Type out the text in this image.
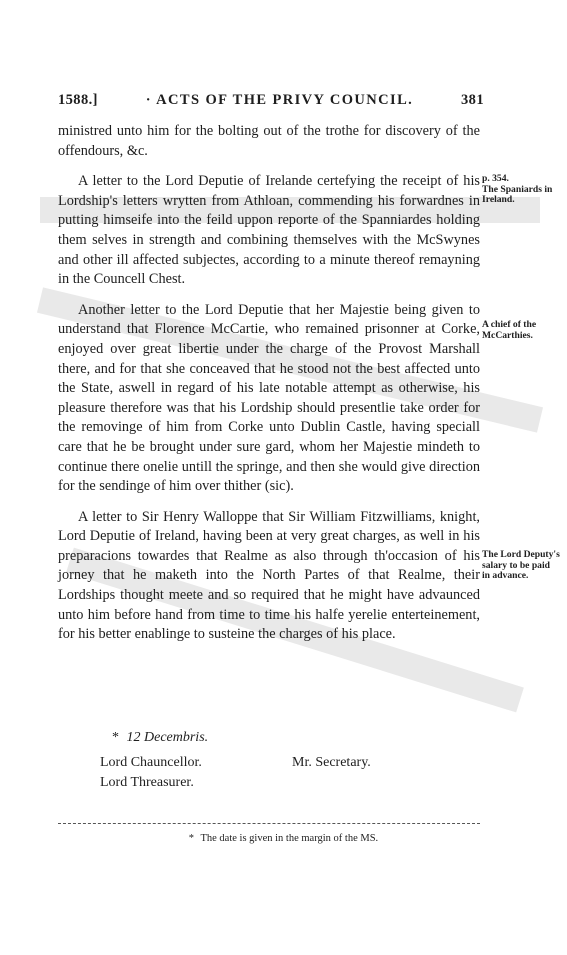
1588.]	· ACTS OF THE PRIVY COUNCIL.	381

ministred unto him for the bolting out of the trothe for discovery of the offendours, &c.

A letter to the Lord Deputie of Irelande certefying the receipt of his Lordship's letters wrytten from Athloan, commending his forwardnes in putting himseife into the feild uppon reporte of the Spanniardes holding them selves in strength and combining themselves with the McSwynes and other ill affected subjectes, according to a minute thereof remayning in the Councell Chest.

Another letter to the Lord Deputie that her Majestie being given to understand that Florence McCartie, who remained prisonner at Corke, enjoyed over great libertie under the charge of the Provost Marshall there, and for that she conceaved that he stood not the best affected unto the State, aswell in regard of his late notable attempt as otherwise, his pleasure therefore was that his Lordship should presentlie take order for the removinge of him from Corke unto Dublin Castle, having speciall care that he be brought under sure gard, whom her Majestie mindeth to continue there onelie untill the springe, and then she would give direction for the sendinge of him over thither (sic).

A letter to Sir Henry Walloppe that Sir William Fitzwilliams, knight, Lord Deputie of Ireland, having been at very great charges, as well in his preparacions towardes that Realme as also through th'occasion of his jorney that he maketh into the North Partes of that Realme, their Lordships thought meete and so required that he might have advaunced unto him before hand from time to time his halfe yerelie enterteinement, for his better enablinge to susteine the charges of his place.

p. 354.
The Spaniards in Ireland.
A chief of the McCarthies.
The Lord Deputy's salary to be paid in advance.
* 12 Decembris.
Lord Chauncellor.	Mr. Secretary.
Lord Threasurer.
* The date is given in the margin of the MS.
